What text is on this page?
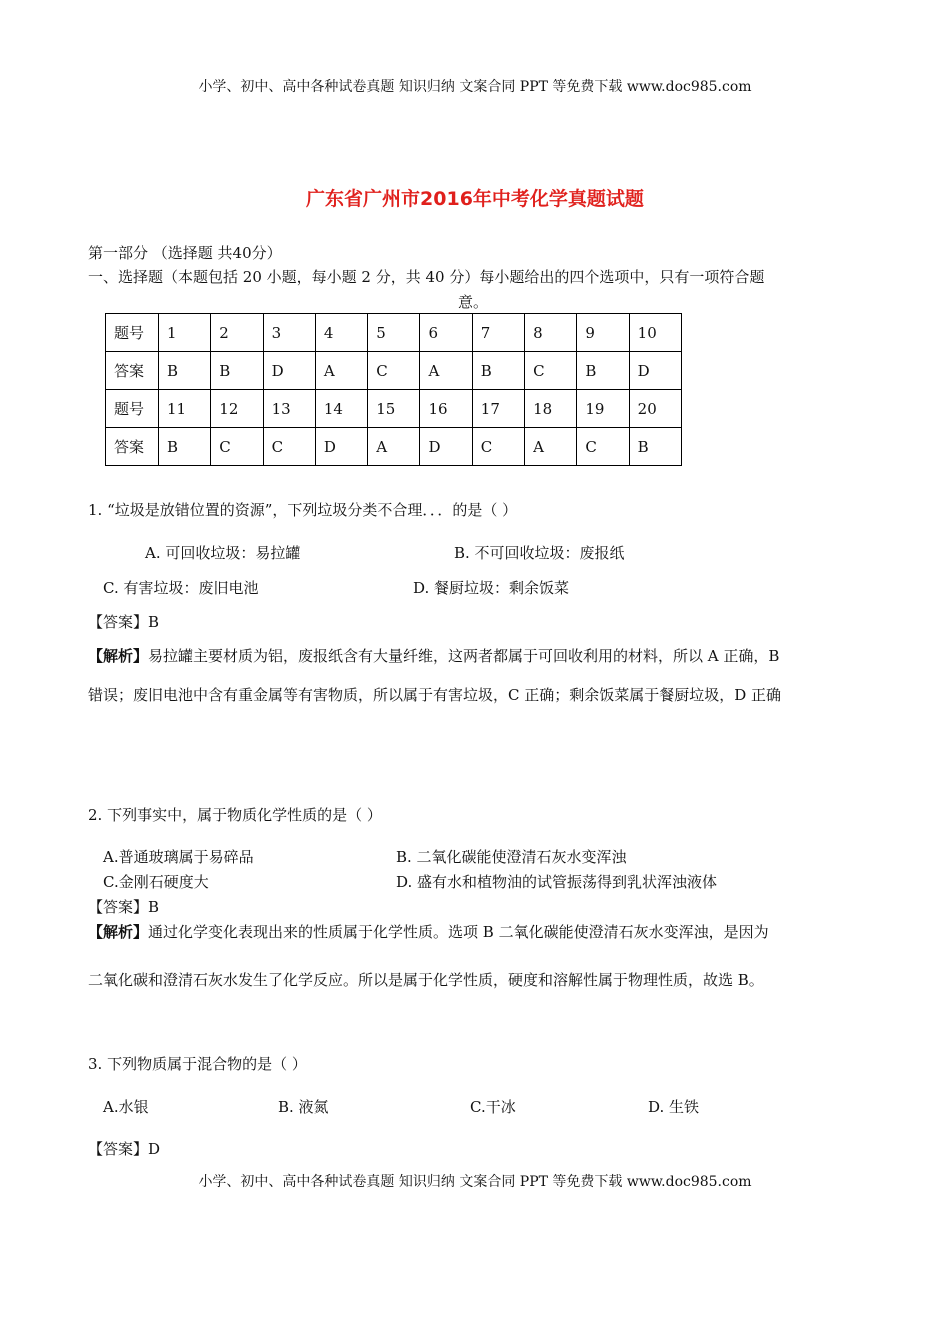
小学、初中、高中各种试卷真题 知识归纳 文案合同 PPT 等免费下载 www.doc985.com
广东省广州市2016年中考化学真题试题
第一部分 （选择题 共40分）
一、选择题（本题包括 20 小题，每小题 2 分，共 40 分）每小题给出的四个选项中，只有一项符合题
意。
题号	1	2	3	4	5	6	7	8	9	10
答案	B	B	D	A	C	A	B	C	B	D
题号	11	12	13	14	15	16	17	18	19	20
答案	B	C	C	D	A	D	C	A	C	B
1. “垃圾是放错位置的资源”，下列垃圾分类不合理．．．的是（ ）
A. 可回收垃圾：易拉罐	B. 不可回收垃圾：废报纸
C. 有害垃圾：废旧电池	D. 餐厨垃圾：剩余饭菜
【答案】B
【解析】易拉罐主要材质为铝，废报纸含有大量纤维，这两者都属于可回收利用的材料，所以 A 正确，B
错误；废旧电池中含有重金属等有害物质，所以属于有害垃圾，C 正确；剩余饭菜属于餐厨垃圾，D 正确
2. 下列事实中，属于物质化学性质的是（ ）
A.普通玻璃属于易碎品	B. 二氧化碳能使澄清石灰水变浑浊
C.金刚石硬度大	D. 盛有水和植物油的试管振荡得到乳状浑浊液体
【答案】B
【解析】通过化学变化表现出来的性质属于化学性质。选项 B 二氧化碳能使澄清石灰水变浑浊，是因为
二氧化碳和澄清石灰水发生了化学反应。所以是属于化学性质，硬度和溶解性属于物理性质，故选 B。
3. 下列物质属于混合物的是（ ）
A.水银	B. 液氮	C.干冰	D. 生铁
【答案】D
小学、初中、高中各种试卷真题 知识归纳 文案合同 PPT 等免费下载 www.doc985.com
